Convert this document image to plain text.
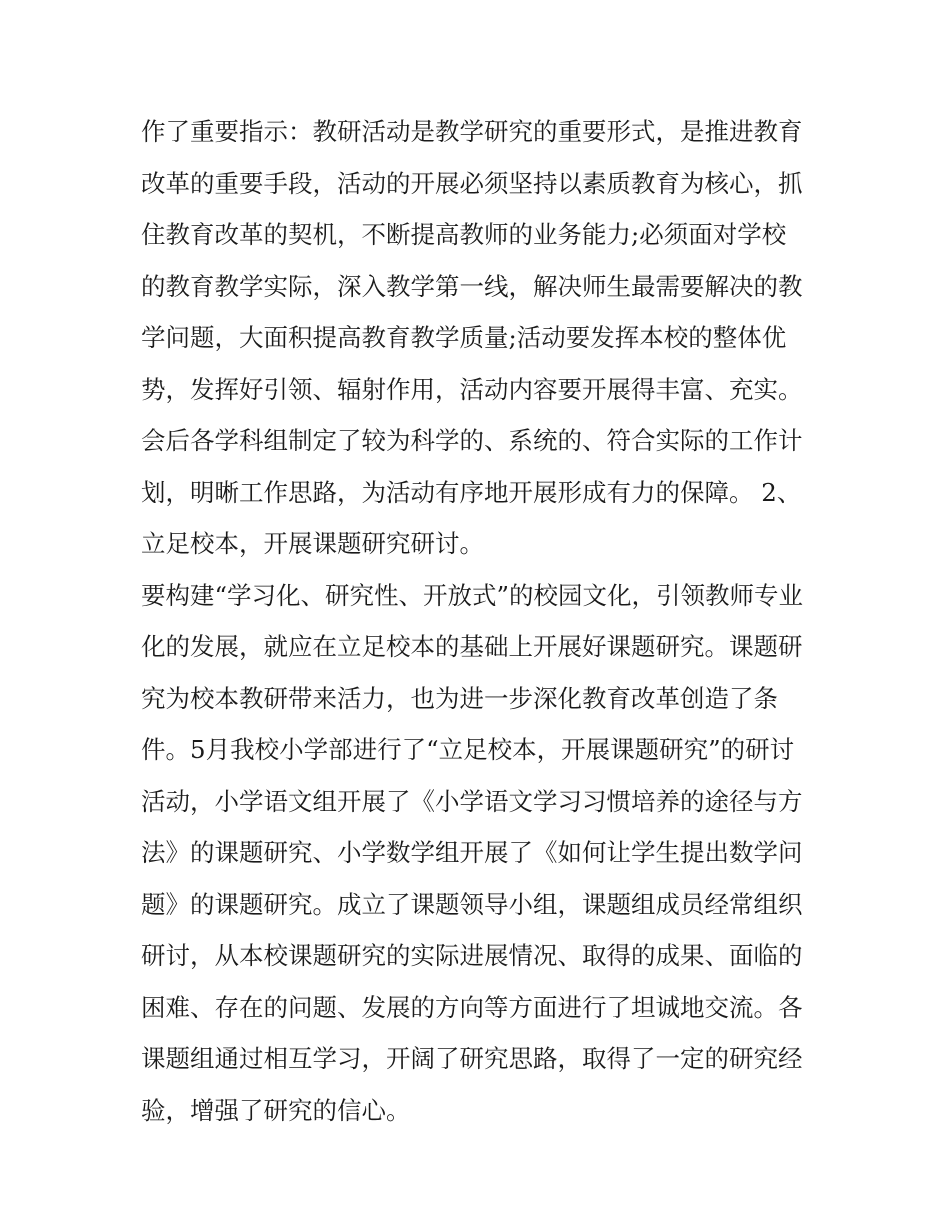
作了重要指示：教研活动是教学研究的重要形式，是推进教育
改革的重要手段，活动的开展必须坚持以素质教育为核心，抓
住教育改革的契机，不断提高教师的业务能力;必须面对学校
的教育教学实际，深入教学第一线，解决师生最需要解决的教
学问题，大面积提高教育教学质量;活动要发挥本校的整体优
势，发挥好引领、辐射作用，活动内容要开展得丰富、充实。
会后各学科组制定了较为科学的、系统的、符合实际的工作计
划，明晰工作思路，为活动有序地开展形成有力的保障。 2、
立足校本，开展课题研究研讨。
要构建“学习化、研究性、开放式”的校园文化，引领教师专业
化的发展，就应在立足校本的基础上开展好课题研究。课题研
究为校本教研带来活力，也为进一步深化教育改革创造了条
件。5月我校小学部进行了“立足校本，开展课题研究”的研讨
活动，小学语文组开展了《小学语文学习习惯培养的途径与方
法》的课题研究、小学数学组开展了《如何让学生提出数学问
题》的课题研究。成立了课题领导小组，课题组成员经常组织
研讨，从本校课题研究的实际进展情况、取得的成果、面临的
困难、存在的问题、发展的方向等方面进行了坦诚地交流。各
课题组通过相互学习，开阔了研究思路，取得了一定的研究经
验，增强了研究的信心。
